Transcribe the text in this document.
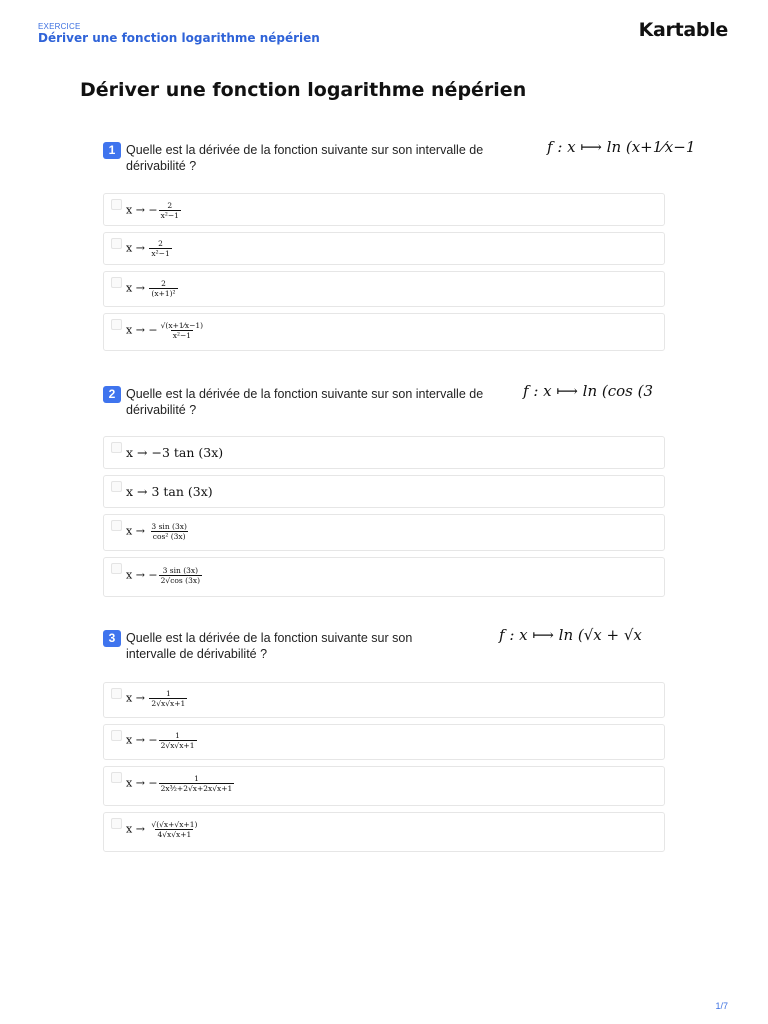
EXERCICE
Dériver une fonction logarithme népérien	Kartable
Dériver une fonction logarithme népérien
1 Quelle est la dérivée de la fonction suivante sur son intervalle de dérivabilité ?
f : x ⟼ ln (x+1⁄x−1
x → − $\frac{2}{\text{x²−1}}$
$x \to \frac{2}{\text{x²−1}}$
$x \to \frac{2}{\text{(x+1)²}}$
x → − $\frac{√(x+1⁄x-1)}{\text{x²−1}}$
2 Quelle est la dérivée de la fonction suivante sur son intervalle de dérivabilité ?
f : x ⟼ ln (cos (3
x → −3 tan (3x)
x → 3 tan (3x)
$x \to \frac{3 \sin (3x)}{\text{cos² (3x)}}$
x → − $\frac{3 \sin (3x)}{2√\cos (3x)}$
3 Quelle est la dérivée de la fonction suivante sur son intervalle de dérivabilité ?
f : x ⟼ ln (√x + √x
$x \to \frac{1}{2√x√x+1}$
x → − $\frac{1}{2√x√x+1}$
x → − $\frac{1}{\text{2x³⁄₂+2√x+2x√x+1}}$
$x \to \frac{√(√x+√x+1)}{4√x√x+1}$
1/7
